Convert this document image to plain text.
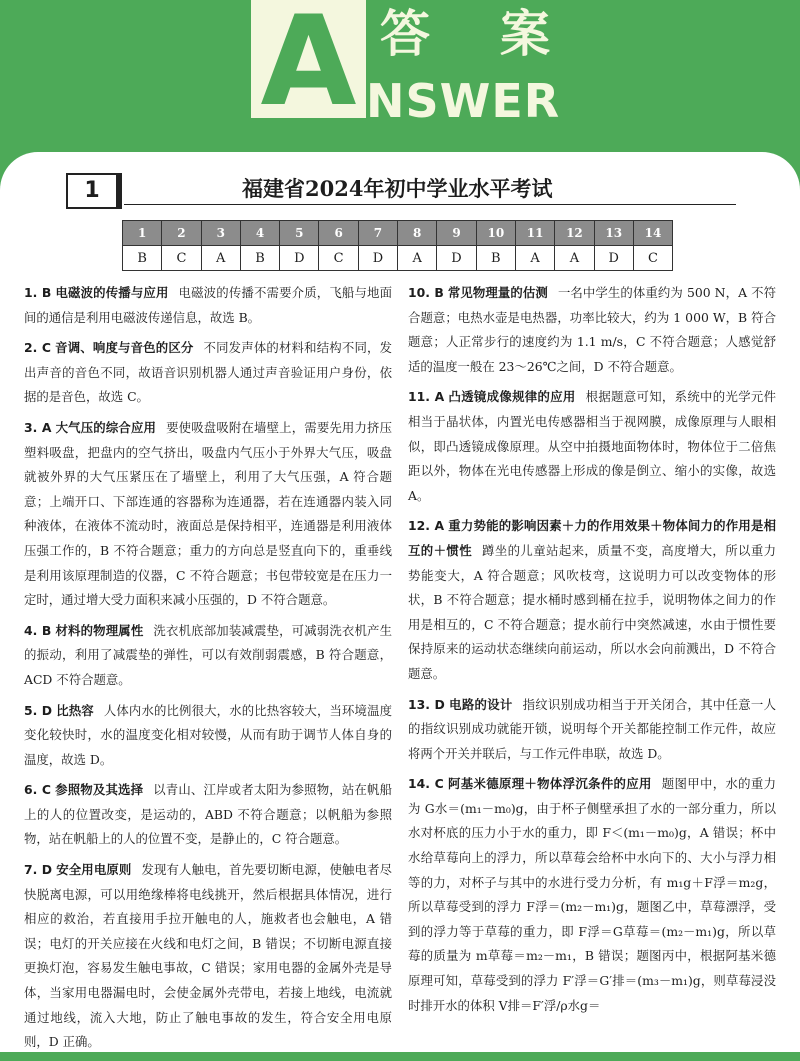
A 答案
NSWER
1	福建省2024年初中学业水平考试
1	2	3	4	5	6	7	8	9	10	11	12	13	14
B	C	A	B	D	C	D	A	D	B	A	A	D	C
1. B 电磁波的传播与应用 电磁波的传播不需要介质，飞船与地面间的通信是利用电磁波传递信息，故选 B。
2. C 音调、响度与音色的区分 不同发声体的材料和结构不同，发出声音的音色不同，故语音识别机器人通过声音验证用户身份，依据的是音色，故选 C。
3. A 大气压的综合应用 要使吸盘吸附在墙壁上，需要先用力挤压塑料吸盘，把盘内的空气挤出，吸盘内气压小于外界大气压，吸盘就被外界的大气压紧压在了墙壁上，利用了大气压强，A 符合题意；上端开口、下部连通的容器称为连通器，若在连通器内装入同种液体，在液体不流动时，液面总是保持相平，连通器是利用液体压强工作的，B 不符合题意；重力的方向总是竖直向下的，重垂线是利用该原理制造的仪器，C 不符合题意；书包带较宽是在压力一定时，通过增大受力面积来减小压强的，D 不符合题意。
4. B 材料的物理属性 洗衣机底部加装减震垫，可减弱洗衣机产生的振动，利用了减震垫的弹性，可以有效削弱震感，B 符合题意，ACD 不符合题意。
5. D 比热容 人体内水的比例很大，水的比热容较大，当环境温度变化较快时，水的温度变化相对较慢，从而有助于调节人体自身的温度，故选 D。
6. C 参照物及其选择 以青山、江岸或者太阳为参照物，站在帆船上的人的位置改变，是运动的，ABD 不符合题意；以帆船为参照物，站在帆船上的人的位置不变，是静止的，C 符合题意。
7. D 安全用电原则 发现有人触电，首先要切断电源，使触电者尽快脱离电源，可以用绝缘棒将电线挑开，然后根据具体情况，进行相应的救治，若直接用手拉开触电的人，施救者也会触电，A 错误；电灯的开关应接在火线和电灯之间，B 错误；不切断电源直接更换灯泡，容易发生触电事故，C 错误；家用电器的金属外壳是导体，当家用电器漏电时，会使金属外壳带电，若接上地线，电流就通过地线，流入大地，防止了触电事故的发生，符合安全用电原则，D 正确。
10. B 常见物理量的估测 一名中学生的体重约为 500 N，A 不符合题意；电热水壶是电热器，功率比较大，约为 1 000 W，B 符合题意；人正常步行的速度约为 1.1 m/s，C 不符合题意；人感觉舒适的温度一般在 23～26℃之间，D 不符合题意。
11. A 凸透镜成像规律的应用 根据题意可知，系统中的光学元件相当于晶状体，内置光电传感器相当于视网膜，成像原理与人眼相似，即凸透镜成像原理。从空中拍摄地面物体时，物体位于二倍焦距以外，物体在光电传感器上形成的像是倒立、缩小的实像，故选 A。
12. A 重力势能的影响因素＋力的作用效果＋物体间力的作用是相互的＋惯性 蹲坐的儿童站起来，质量不变，高度增大，所以重力势能变大，A 符合题意；风吹枝弯，这说明力可以改变物体的形状，B 不符合题意；提水桶时感到桶在拉手，说明物体之间力的作用是相互的，C 不符合题意；提水前行中突然减速，水由于惯性要保持原来的运动状态继续向前运动，所以水会向前溅出，D 不符合题意。
13. D 电路的设计 指纹识别成功相当于开关闭合，其中任意一人的指纹识别成功就能开锁，说明每个开关都能控制工作元件，故应将两个开关并联后，与工作元件串联，故选 D。
14. C 阿基米德原理＋物体浮沉条件的应用 题图甲中，水的重力为 G水＝(m₁－m₀)g，由于杯子侧壁承担了水的一部分重力，所以水对杯底的压力小于水的重力，即 F＜(m₁－m₀)g，A 错误；杯中水给草莓向上的浮力，所以草莓会给杯中水向下的、大小与浮力相等的力，对杯子与其中的水进行受力分析，有 m₁g＋F浮＝m₂g，所以草莓受到的浮力 F浮＝(m₂－m₁)g，题图乙中，草莓漂浮，受到的浮力等于草莓的重力，即 F浮＝G草莓＝(m₂－m₁)g，所以草莓的质量为 m草莓＝m₂－m₁，B 错误；题图丙中，根据阿基米德原理可知，草莓受到的浮力 F′浮＝G′排＝(m₃－m₁)g，则草莓浸没时排开水的体积 V排＝F′浮/ρ水g＝
